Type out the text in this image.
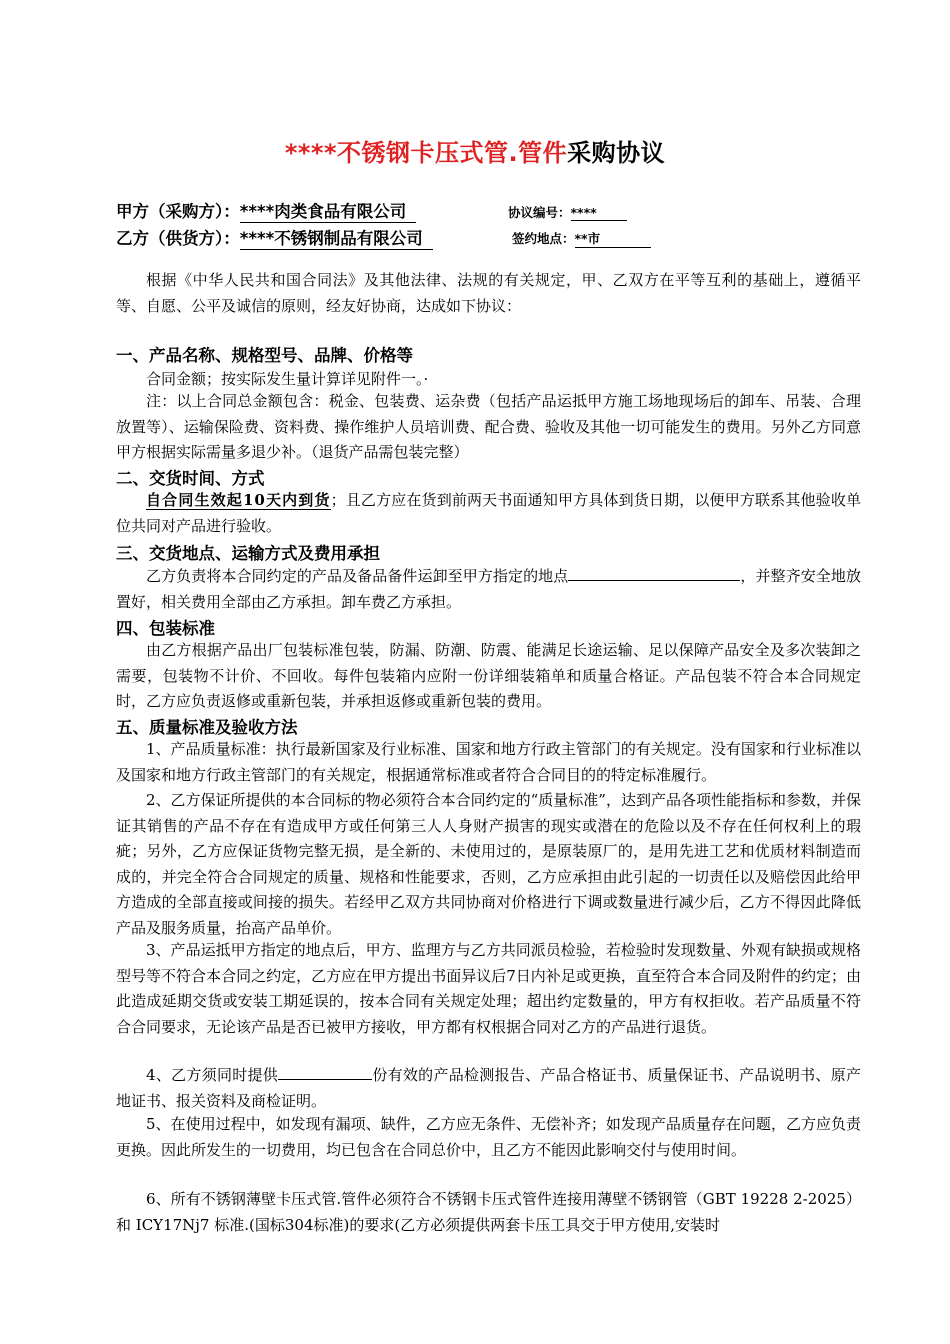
****不锈钢卡压式管.管件采购协议
甲方（采购方）：****肉类食品有限公司	协议编号：****
乙方（供货方）：****不锈钢制品有限公司	签约地点：**市

根据《中华人民共和国合同法》及其他法律、法规的有关规定，甲、乙双方在平等互利的基础上，遵循平等、自愿、公平及诚信的原则，经友好协商，达成如下协议：

一、产品名称、规格型号、品牌、价格等

合同金额；按实际发生量计算详见附件一。·

注：以上合同总金额包含：税金、包装费、运杂费（包括产品运抵甲方施工场地现场后的卸车、吊装、合理放置等）、运输保险费、资料费、操作维护人员培训费、配合费、验收及其他一切可能发生的费用。另外乙方同意甲方根据实际需量多退少补。（退货产品需包装完整）

二、交货时间、方式

自合同生效起10天内到货；且乙方应在货到前两天书面通知甲方具体到货日期，以便甲方联系其他验收单位共同对产品进行验收。

三、交货地点、运输方式及费用承担

乙方负责将本合同约定的产品及备品备件运卸至甲方指定的地点	，并整齐安全地放置好，相关费用全部由乙方承担。卸车费乙方承担。

四、包装标准

由乙方根据产品出厂包装标准包装，防漏、防潮、防震、能满足长途运输、足以保障产品安全及多次装卸之需要，包装物不计价、不回收。每件包装箱内应附一份详细装箱单和质量合格证。产品包装不符合本合同规定时，乙方应负责返修或重新包装，并承担返修或重新包装的费用。

五、质量标准及验收方法

1、产品质量标准：执行最新国家及行业标准、国家和地方行政主管部门的有关规定。没有国家和行业标准以及国家和地方行政主管部门的有关规定，根据通常标准或者符合合同目的的特定标准履行。

2、乙方保证所提供的本合同标的物必须符合本合同约定的“质量标准”，达到产品各项性能指标和参数，并保证其销售的产品不存在有造成甲方或任何第三人人身财产损害的现实或潜在的危险以及不存在任何权利上的瑕疵；另外，乙方应保证货物完整无损，是全新的、未使用过的，是原装原厂的，是用先进工艺和优质材料制造而成的，并完全符合合同规定的质量、规格和性能要求，否则，乙方应承担由此引起的一切责任以及赔偿因此给甲方造成的全部直接或间接的损失。若经甲乙双方共同协商对价格进行下调或数量进行减少后，乙方不得因此降低产品及服务质量，抬高产品单价。

3、产品运抵甲方指定的地点后，甲方、监理方与乙方共同派员检验，若检验时发现数量、外观有缺损或规格型号等不符合本合同之约定，乙方应在甲方提出书面异议后7日内补足或更换，直至符合本合同及附件的约定；由此造成延期交货或安装工期延误的，按本合同有关规定处理；超出约定数量的，甲方有权拒收。若产品质量不符合合同要求，无论该产品是否已被甲方接收，甲方都有权根据合同对乙方的产品进行退货。

4、乙方须同时提供	份有效的产品检测报告、产品合格证书、质量保证书、产品说明书、原产地证书、报关资料及商检证明。

5、在使用过程中，如发现有漏项、缺件，乙方应无条件、无偿补齐；如发现产品质量存在问题，乙方应负责更换。因此所发生的一切费用，均已包含在合同总价中，且乙方不能因此影响交付与使用时间。

6、所有不锈钢薄壁卡压式管.管件必须符合不锈钢卡压式管件连接用薄壁不锈钢管（GBT 19228 2-2025）和 ICY17Nj7 标准.(国标304标准)的要求(乙方必须提供两套卡压工具交于甲方使用,安装时
